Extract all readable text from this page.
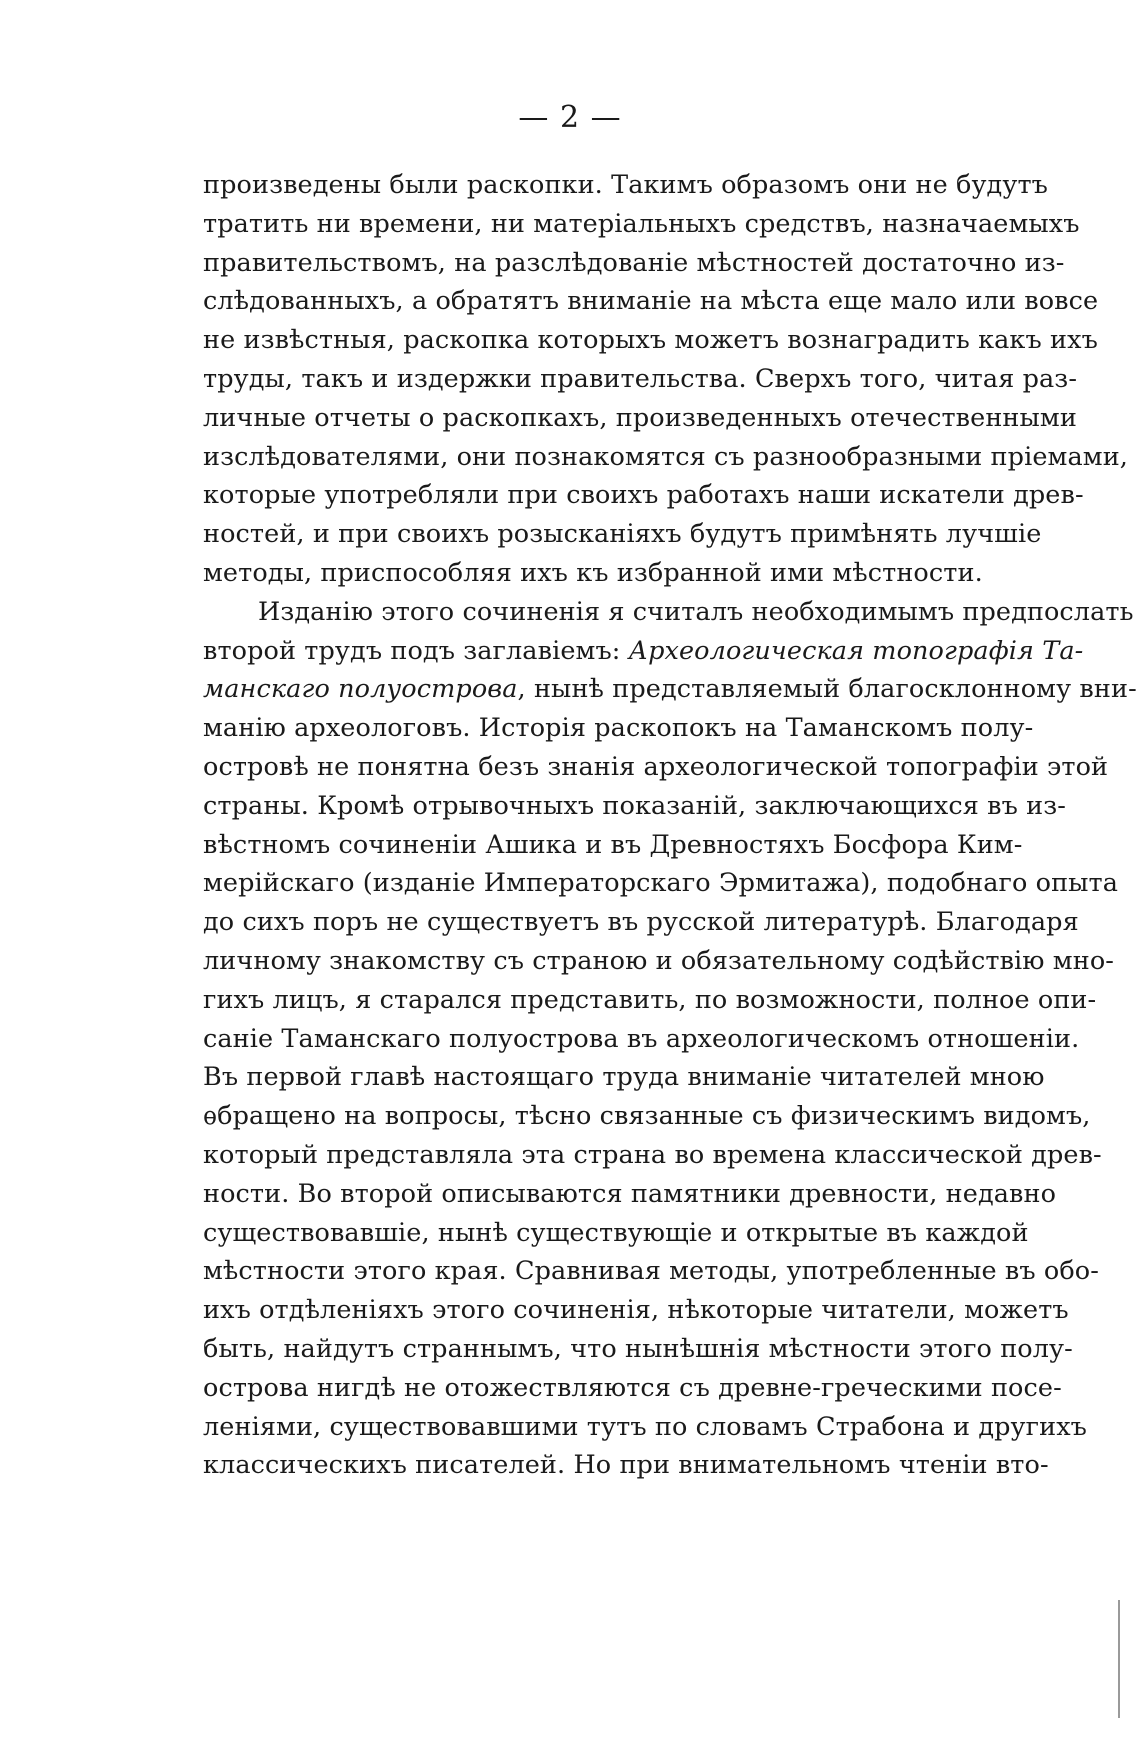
— 2 —
произведены были раскопки. Такимъ образомъ они не будутъ
тратить ни времени, ни матеріальныхъ средствъ, назначаемыхъ
правительствомъ, на разслѣдованіе мѣстностей достаточно из-
слѣдованныхъ, а обратятъ вниманіе на мѣста еще мало или вовсе
не извѣстныя, раскопка которыхъ можетъ вознаградить какъ ихъ
труды, такъ и издержки правительства. Сверхъ того, читая раз-
личные отчеты о раскопкахъ, произведенныхъ отечественными
изслѣдователями, они познакомятся съ разнообразными пріемами,
которые употребляли при своихъ работахъ наши искатели древ-
ностей, и при своихъ розысканіяхъ будутъ примѣнять лучшіе
методы, приспособляя ихъ къ избранной ими мѣстности.
Изданію этого сочиненія я считалъ необходимымъ предпослать
второй трудъ подъ заглавіемъ: Археологическая топографія Та-
манскаго полуострова, нынѣ представляемый благосклонному вни-
манію археологовъ. Исторія раскопокъ на Таманскомъ полу-
островѣ не понятна безъ знанія археологической топографіи этой
страны. Кромѣ отрывочныхъ показаній, заключающихся въ из-
вѣстномъ сочиненіи Ашика и въ Древностяхъ Босфора Ким-
мерійскаго (изданіе Императорскаго Эрмитажа), подобнаго опыта
до сихъ поръ не существуетъ въ русской литературѣ. Благодаря
личному знакомству съ страною и обязательному содѣйствію мно-
гихъ лицъ, я старался представить, по возможности, полное опи-
саніе Таманскаго полуострова въ археологическомъ отношеніи.
Въ первой главѣ настоящаго труда вниманіе читателей мною
ѳбращено на вопросы, тѣсно связанные съ физическимъ видомъ,
который представляла эта страна во времена классической древ-
ности. Во второй описываются памятники древности, недавно
существовавшіе, нынѣ существующіе и открытые въ каждой
мѣстности этого края. Сравнивая методы, употребленные въ обо-
ихъ отдѣленіяхъ этого сочиненія, нѣкоторые читатели, можетъ
быть, найдутъ страннымъ, что нынѣшнія мѣстности этого полу-
острова нигдѣ не отожествляются съ древне-греческими посе-
леніями, существовавшими тутъ по словамъ Страбона и другихъ
классическихъ писателей. Но при внимательномъ чтеніи вто-
